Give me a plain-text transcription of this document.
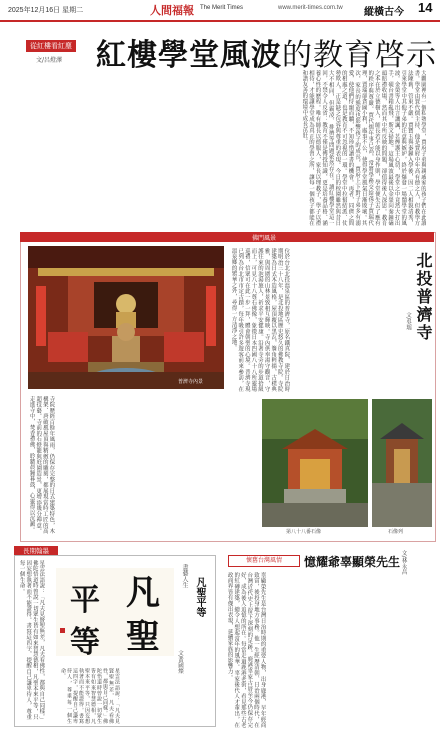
2025年12月16日 星期二	人間福報 The Merit Times	www.merit-times.com.tw 縱橫古今 14
從紅樓看紅塵
文/呂燈澤 紅樓學堂風波的教育啓示
大觀園裡有一個私塾學堂，賈府子弟與親戚家的孩子們在此讀書。學堂由賈代儒主持，他是賈府中年高有德之人，但教學方法陳舊，管束不嚴。賈寶玉與秦鐘入學後，因二人相貌清秀，引來學堂中其他子弟的注意與嫉妒，終於爆發一場鬧學堂的風波。金榮等人出言譏諷，茗煙護主心切，學堂之中竟然大打出手，硯台書箱亂飛，斯文掃地。這場風波最後以金榮向秦鐘磕頭賠禮收場，然而其中所反映的問題，卻值得後人深思。教育之本在於立德樹人，師長若不能以身作則，學堂便失去了應有的秩序與尊嚴。賈代儒年事已高，常將學務交給孫子賈瑞代理，賈瑞卻貪圖小利，處事不公，使得學堂風氣日漸敗壞。其次，家長的態度也影響孩子的成長，賈府上下對子弟多有溺愛，使他們恃寵而驕，不知珍惜讀書的機會。再者，同儕之間的相處之道，也是教育不可忽視的一環。學堂中拉幫結派、仗勢欺人，正是缺乏包容與尊重的表現。今日的校園雖然與昔日大不相同，但霸凌、排擠等問題依然存在。讀紅樓學堂這一回，不禁令人反省：教育不僅是傳授知識，更是培養品格、涵養心性的歷程。唯有師長以德服人，家長以理教子，學子以禮相待，才能讓學堂成為真正的學習之所，讓每一個孩子都能在和諧友善的環境中成長茁壯。
佛門風景
普濟寺內景
北投普濟寺
文/吳瑞
位於台北北投溫泉區的普濟寺，原名鐵真院，建於日治時期明治三十八年，是北投地區歷史悠久的佛教寺院。寺院建築為日式木造風格，屋頂覆以黑瓦，簷角輕揚，古樸典雅，與周圍的山林景致相互輝映。寺內供奉湯守觀音，守護往來的泡湯旅人，祈求平安健康。沿著寺旁的步道拾級而上，可見八十八尊石佛像，象徵日本四國八十八所靈場巡禮，信眾可在此一步一拜，體會朝聖的心境。普濟寺現已列為台北市市定古蹟，每年吸引許多遊客前來參訪，在溫泉鄉的繁華之外，尋得一方清淨之地。
寺院歷經百餘年風雨，仍保存完整的日式建築特色，木構架、唐破風屋頂與精緻的雕刻，都展現當時工匠的高超技藝。寺前的石燈籠與庭園造景，更增添幾分禪意。走進寺中，焚香禮佛，聆聽晨鐘暮鼓，心靈得以沉澱。	第八十八番石像	石像列
長期翰墨
星雲法語說：「凡夫見賢聖無差，凡夫看佛性，都與自己同樣。」佛陀悟道時曾說一切眾生皆有如來智慧德相，凡聖本來平等，只因妄想執著而不能證得。書寫這四字，提醒自己謙卑待人，尊重每一個生命。	凡
聖
平
等
書藝人生
凡聖平等
文/黃國燦
星雲法語說：「凡夫見賢聖無差，凡夫看佛性，都與自己同樣。」佛陀悟道時曾說一切眾生皆有如來智慧德相，凡聖本來平等，只因妄想執著而不能證得。書寫這四字，提醒自己謙卑待人，尊重每一個生命。
懷舊台灣風情	憶耀爺辜顯榮先生 文/林永昌
辜顯榮先生是台灣日治時期的重要人物，出身鹿港，早年經商致富，後投身地方事務。他一生經歷清朝、日治兩個時代，在台灣近代史上留下深刻的足跡。鹿港辜家古厝至今仍保存完好，成為後人追憶的所在。每當走過鹿港老街，看見那些古老的紅磚建築，總令人想起當年的風華。辜家後代人才輩出，在政商界皆有傑出表現，延續家族的影響力。
